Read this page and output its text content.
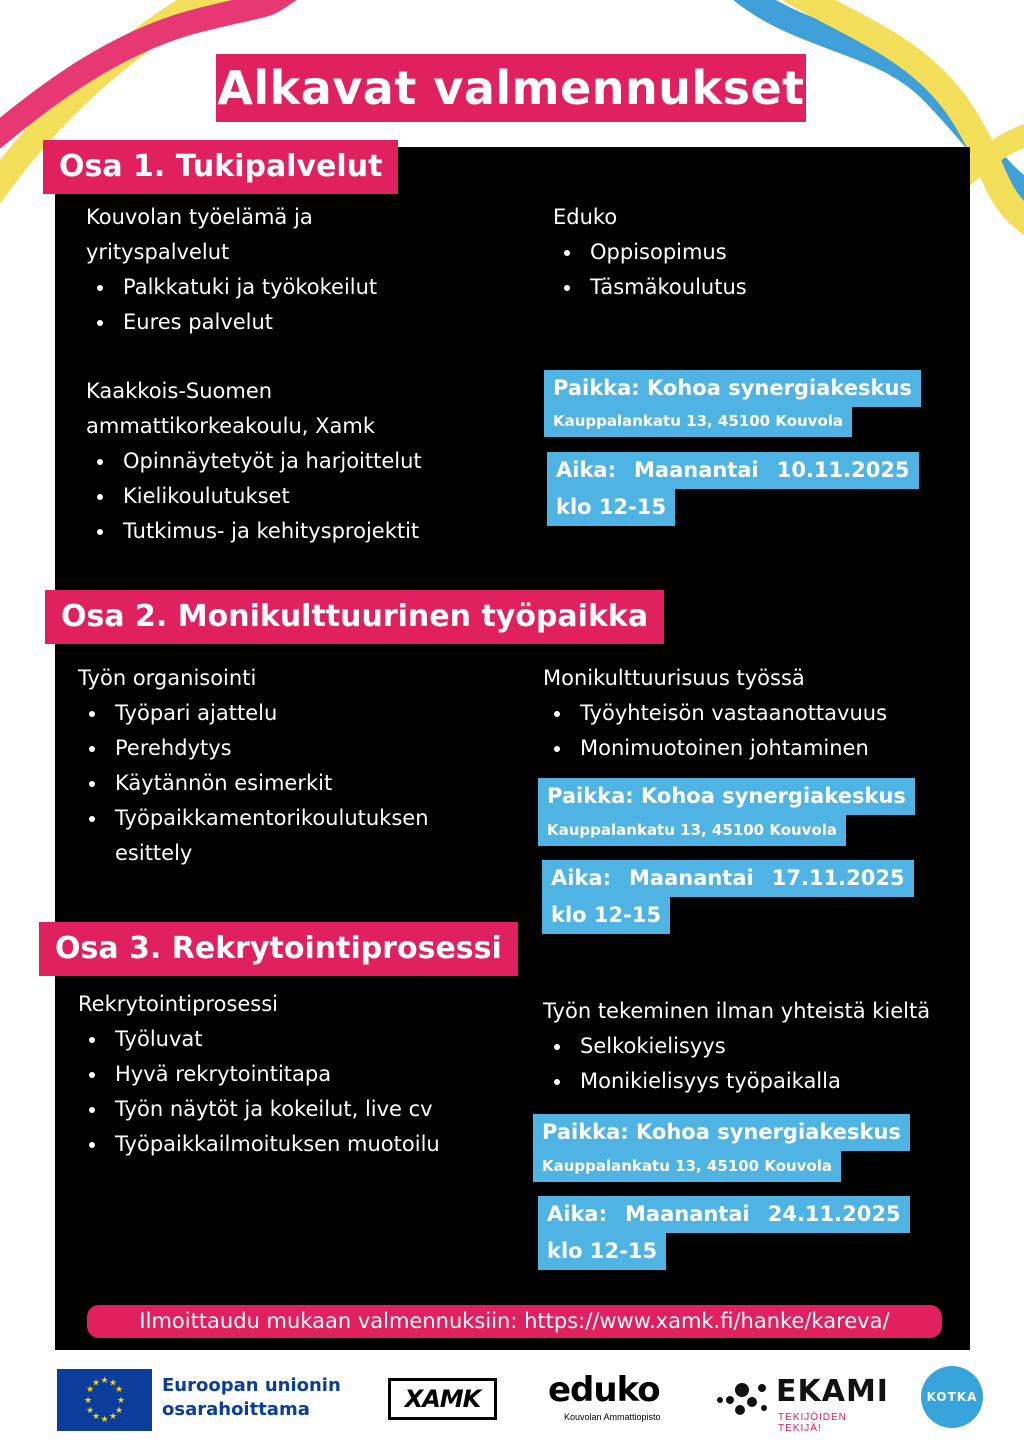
Alkavat valmennukset
Osa 1. Tukipalvelut
Kouvolan työelämä ja
yrityspalvelut
Palkkatuki ja työkokeilut
Eures palvelut
Kaakkois-Suomen
ammattikorkeakoulu, Xamk
Opinnäytetyöt ja harjoittelut
Kielikoulutukset
Tutkimus- ja kehitysprojektit
Eduko
Oppisopimus
Täsmäkoulutus
Paikka: Kohoa synergiakeskus
Kauppalankatu 13, 45100 Kouvola
Aika: Maanantai 10.11.2025
klo 12-15
Osa 2. Monikulttuurinen työpaikka
Työn organisointi
Työpari ajattelu
Perehdytys
Käytännön esimerkit
Työpaikkamentorikoulutuksen esittely
Monikulttuurisuus työssä
Työyhteisön vastaanottavuus
Monimuotoinen johtaminen
Paikka: Kohoa synergiakeskus
Kauppalankatu 13, 45100 Kouvola
Aika: Maanantai 17.11.2025
klo 12-15
Osa 3. Rekrytointiprosessi
Rekrytointiprosessi
Työluvat
Hyvä rekrytointitapa
Työn näytöt ja kokeilut, live cv
Työpaikkailmoituksen muotoilu
Työn tekeminen ilman yhteistä kieltä
Selkokielisyys
Monikielisyys työpaikalla
Paikka: Kohoa synergiakeskus
Kauppalankatu 13, 45100 Kouvola
Aika: Maanantai 24.11.2025
klo 12-15
Ilmoittaudu mukaan valmennuksiin: https://www.xamk.fi/hanke/kareva/
★ ★
★
★
★
★
★
★
★
★
★
★	Euroopan unionin
osarahoittama	XAMK	eduko
Kouvolan Ammattiopisto
EKAMI
TEKIJÖIDEN TEKIJÄ!
KOTKA
